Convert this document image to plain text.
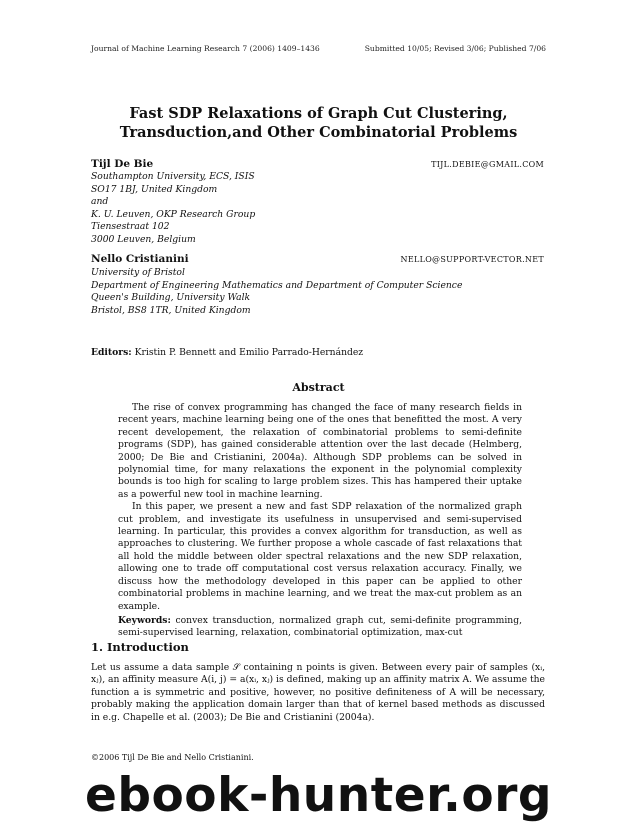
Journal of Machine Learning Research 7 (2006) 1409–1436	Submitted 10/05; Revised 3/06; Published 7/06
Fast SDP Relaxations of Graph Cut Clustering,
Transduction,and Other Combinatorial Problems
Tijl De Bie	TIJL.DEBIE@GMAIL.COM
Southampton University, ECS, ISIS
SO17 1BJ, United Kingdom
and
K. U. Leuven, OKP Research Group
Tiensestraat 102
3000 Leuven, Belgium
Nello Cristianini	NELLO@SUPPORT-VECTOR.NET
University of Bristol
Department of Engineering Mathematics and Department of Computer Science
Queen's Building, University Walk
Bristol, BS8 1TR, United Kingdom
Editors: Kristin P. Bennett and Emilio Parrado-Hernández
Abstract

The rise of convex programming has changed the face of many research fields in recent years, machine learning being one of the ones that benefitted the most. A very recent developement, the relaxation of combinatorial problems to semi-definite programs (SDP), has gained considerable attention over the last decade (Helmberg, 2000; De Bie and Cristianini, 2004a). Although SDP problems can be solved in polynomial time, for many relaxations the exponent in the polynomial complexity bounds is too high for scaling to large problem sizes. This has hampered their uptake as a powerful new tool in machine learning.

In this paper, we present a new and fast SDP relaxation of the normalized graph cut problem, and investigate its usefulness in unsupervised and semi-supervised learning. In particular, this provides a convex algorithm for transduction, as well as approaches to clustering. We further propose a whole cascade of fast relaxations that all hold the middle between older spectral relaxations and the new SDP relaxation, allowing one to trade off computational cost versus relaxation accuracy. Finally, we discuss how the methodology developed in this paper can be applied to other combinatorial problems in machine learning, and we treat the max-cut problem as an example.

Keywords: convex transduction, normalized graph cut, semi-definite programming, semi-supervised learning, relaxation, combinatorial optimization, max-cut

1. Introduction

Let us assume a data sample 𝒮 containing n points is given. Between every pair of samples (xᵢ, xⱼ), an affinity measure A(i, j) = a(xᵢ, xⱼ) is defined, making up an affinity matrix A. We assume the function a is symmetric and positive, however, no positive definiteness of A will be necessary, probably making the application domain larger than that of kernel based methods as discussed in e.g. Chapelle et al. (2003); De Bie and Cristianini (2004a).

©2006 Tijl De Bie and Nello Cristianini.
ebook-hunter.org
